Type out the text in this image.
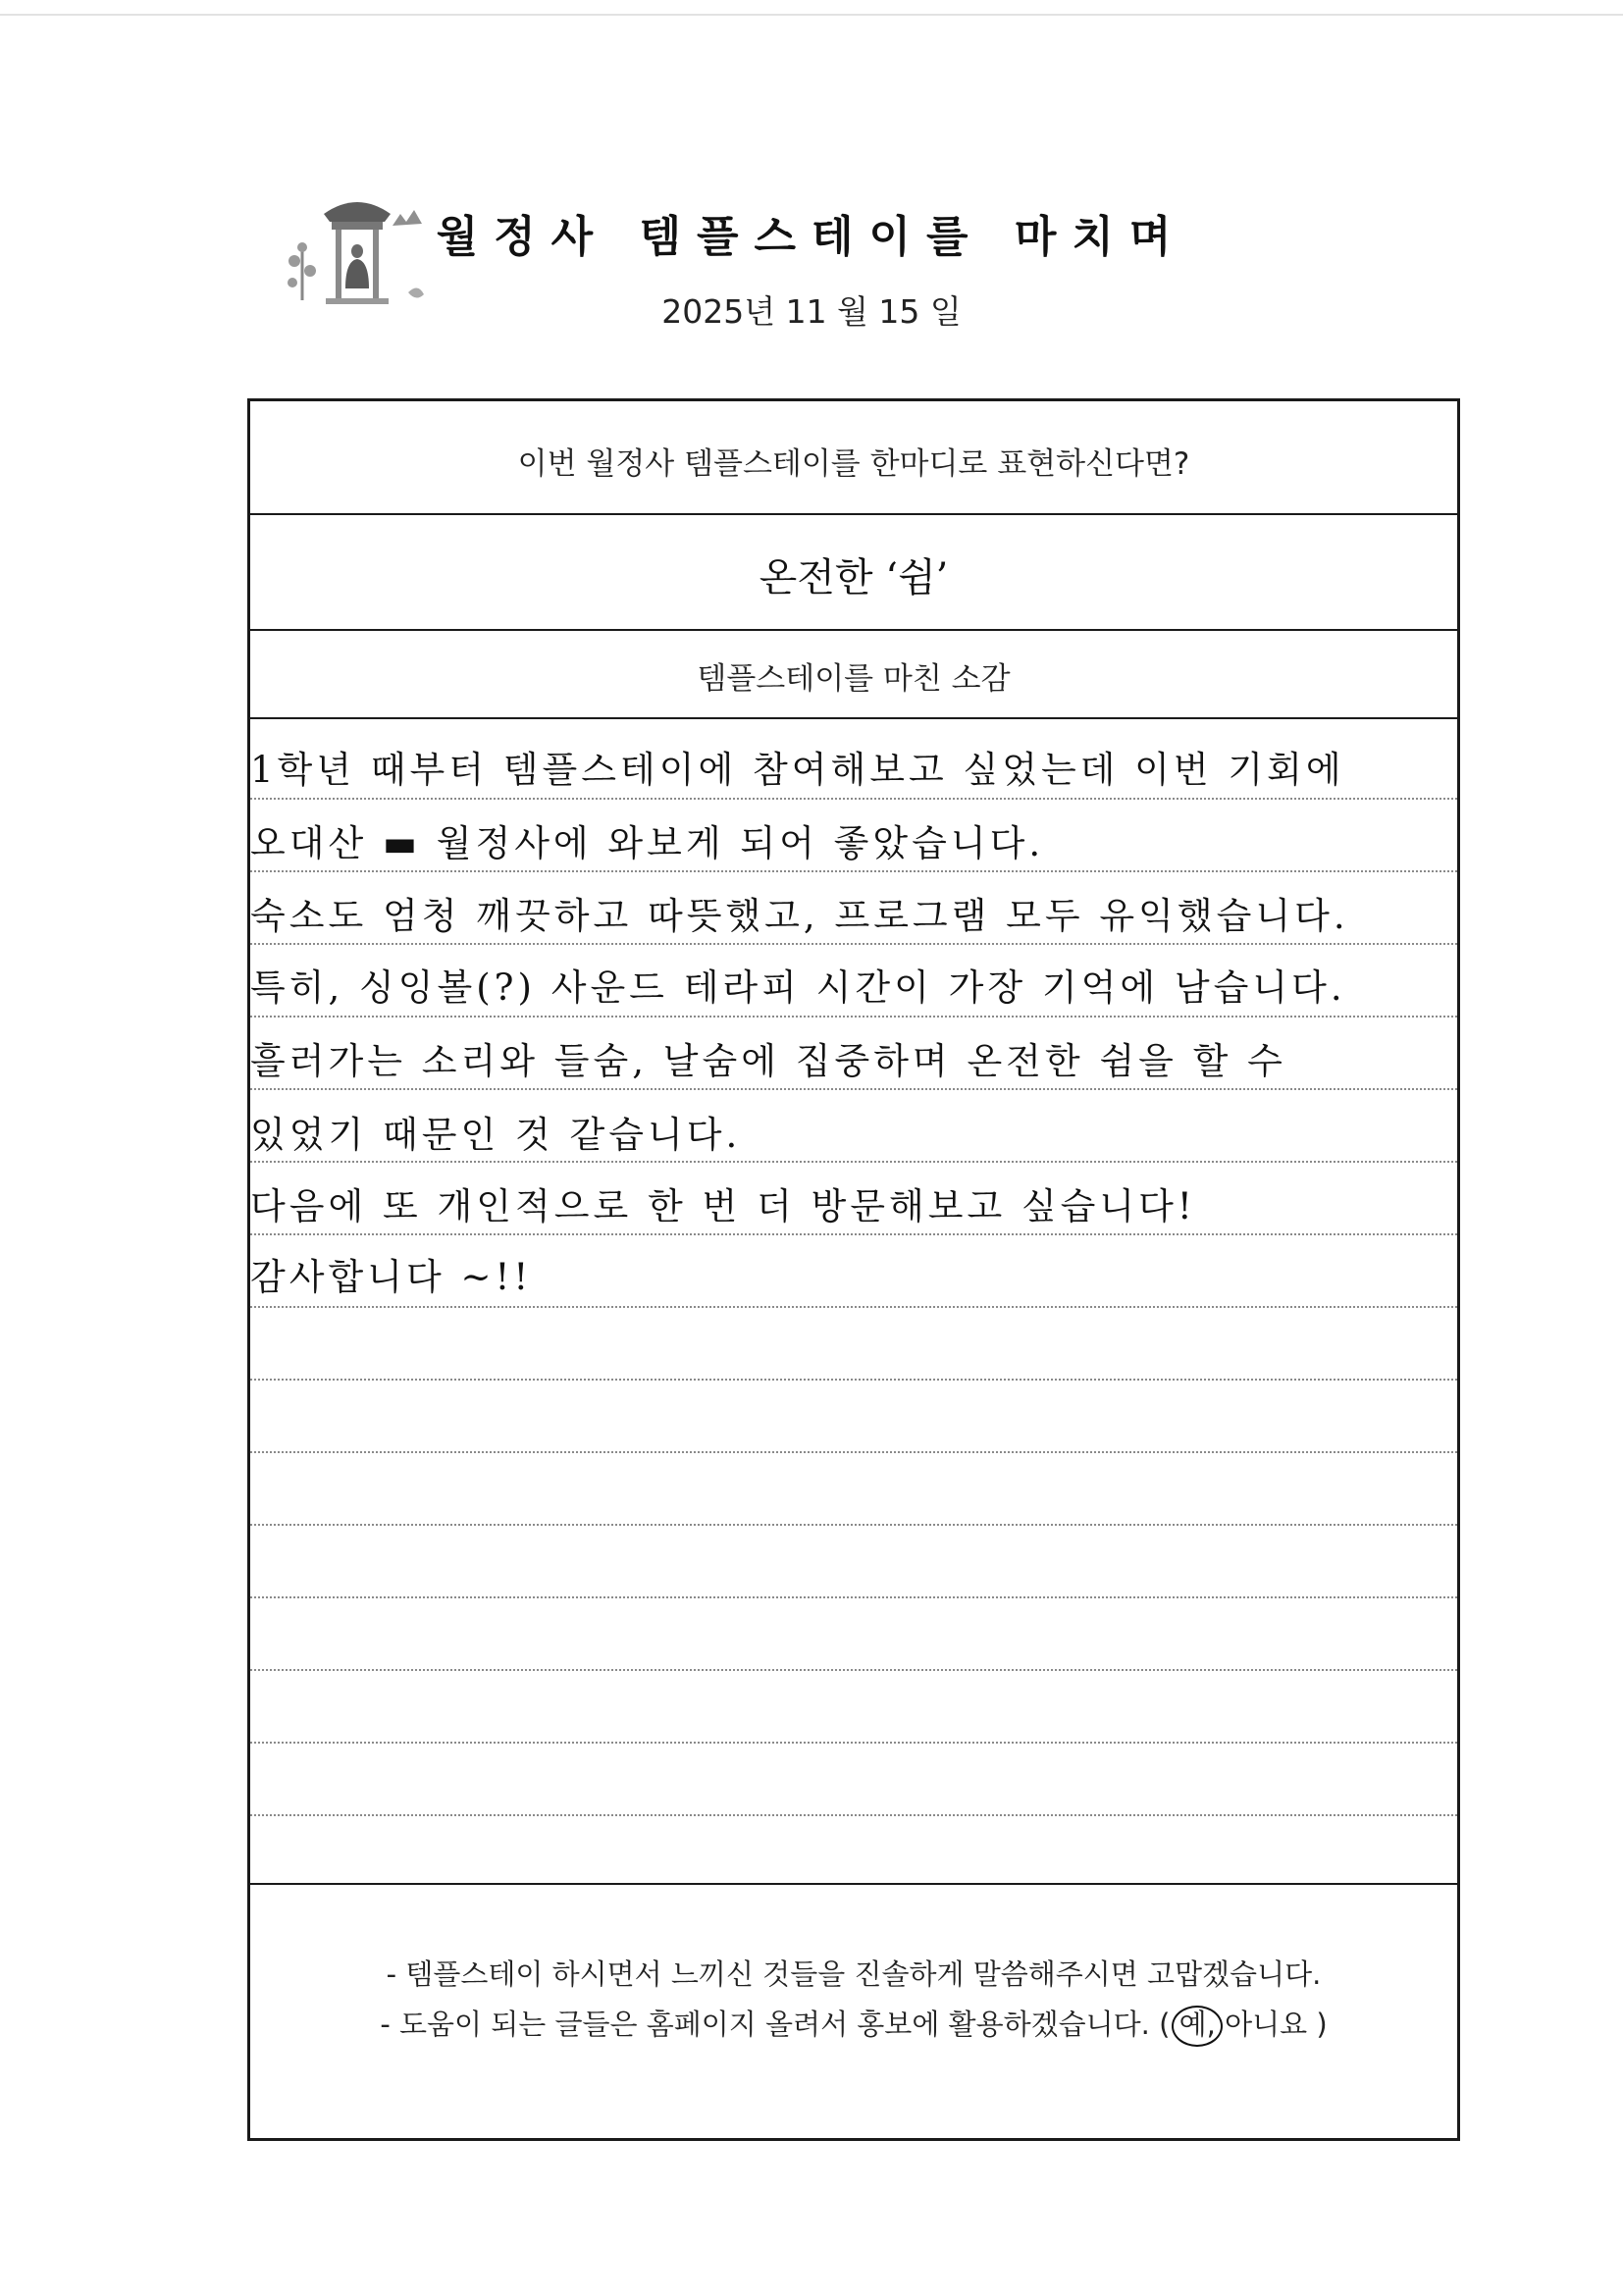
월정사 템플스테이를 마치며
2025년 11 월 15 일
이번 월정사 템플스테이를 한마디로 표현하신다면?
온전한 ‘쉼’
템플스테이를 마친 소감
1학년 때부터 템플스테이에 참여해보고 싶었는데 이번 기회에
오대산 ▬ 월정사에 와보게 되어 좋았습니다.
숙소도 엄청 깨끗하고 따뜻했고, 프로그램 모두 유익했습니다.
특히, 싱잉볼(?) 사운드 테라피 시간이 가장 기억에 남습니다.
흘러가는 소리와 들숨, 날숨에 집중하며 온전한 쉼을 할 수
있었기 때문인 것 같습니다.
다음에 또 개인적으로 한 번 더 방문해보고 싶습니다!
감사합니다 ~!!
- 템플스테이 하시면서 느끼신 것들을 진솔하게 말씀해주시면 고맙겠습니다.
- 도움이 되는 글들은 홈페이지 올려서 홍보에 활용하겠습니다. ( 예
, 아니요 )
